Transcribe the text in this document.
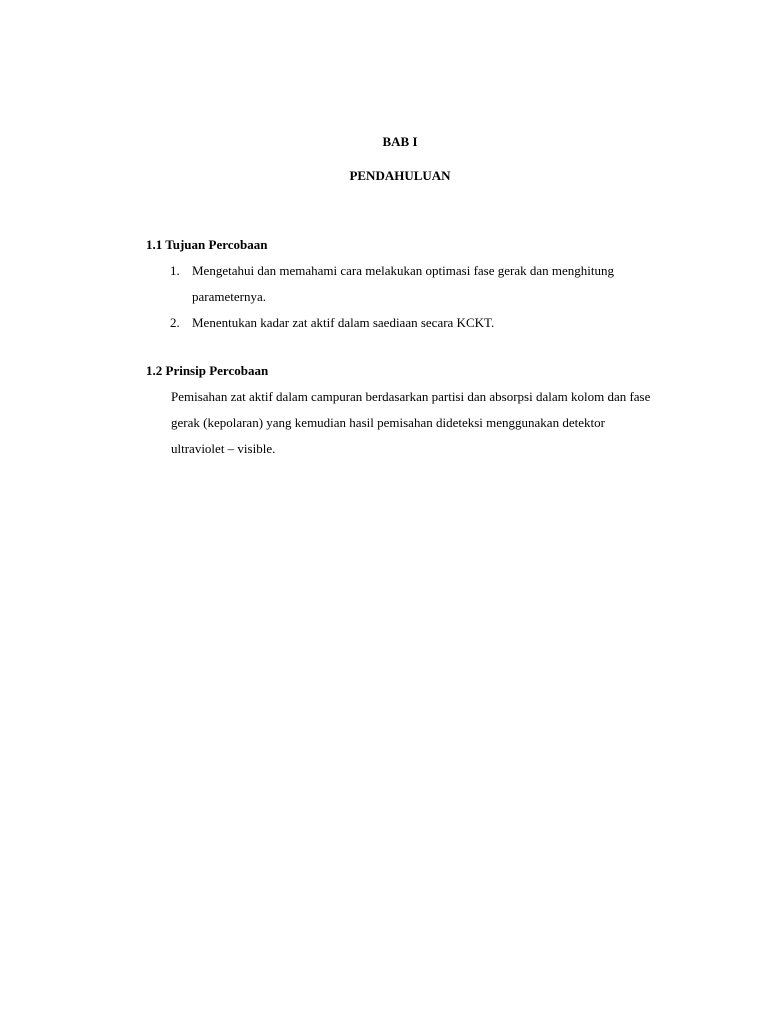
BAB I
PENDAHULUAN

1.1 Tujuan Percobaan

1. Mengetahui dan memahami cara melakukan optimasi fase gerak dan menghitung parameternya.
2. Menentukan kadar zat aktif dalam saediaan secara KCKT.

1.2 Prinsip Percobaan

Pemisahan zat aktif dalam campuran berdasarkan partisi dan absorpsi dalam kolom dan fase gerak (kepolaran) yang kemudian hasil pemisahan dideteksi menggunakan detektor ultraviolet – visible.
